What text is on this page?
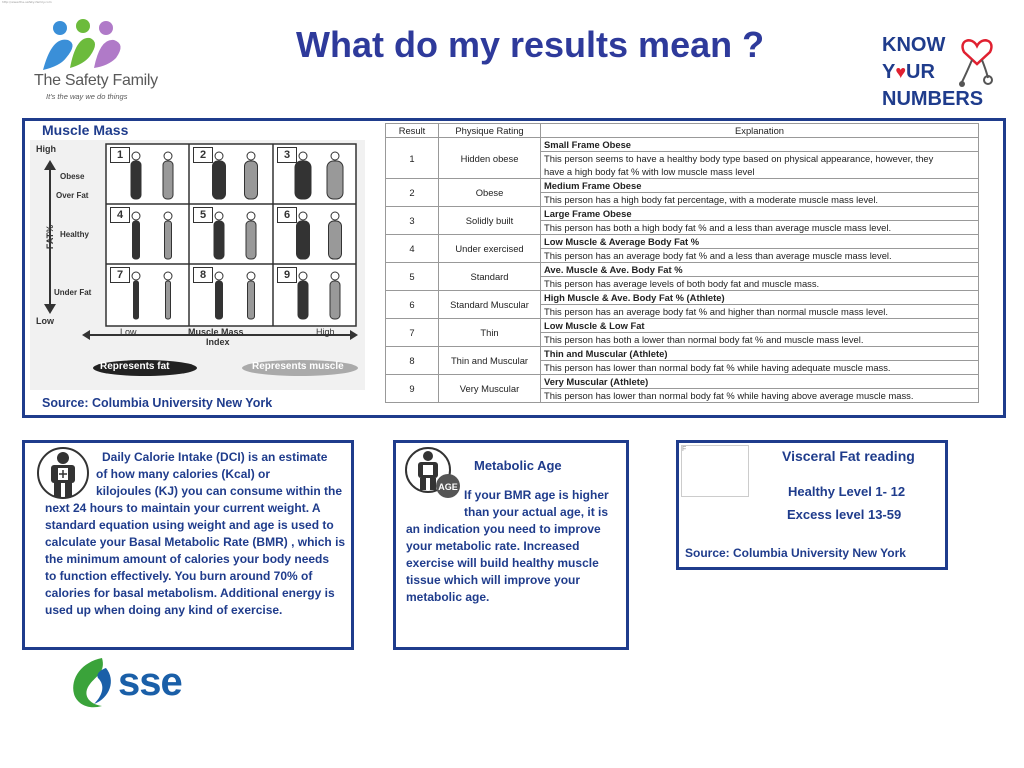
http://www.the-safety-family.com
The Safety Family
It's the way we do things
What do my results mean ?	KNOW
Y♥UR
NUMBERS
Muscle Mass
High
Low
FAT%
Obese
Over Fat
Healthy
Under Fat
Low	High
Muscle Mass
Index
Represents fat	Represents muscle
1	2	3
4	5	6
7	8	9
Source: Columbia University New York
Result	Physique Rating	Explanation
1	Hidden obese	Small Frame Obese
		This person seems to have a healthy body type based on physical appearance, however, they
		have a high body fat % with low muscle mass level
2	Obese	Medium Frame Obese
		This person has a high body fat percentage, with a moderate muscle mass level.
3	Solidly built	Large Frame Obese
		This person has both a high body fat % and a less than average muscle mass level.
4	Under exercised	Low Muscle & Average Body Fat %
		This person has an average body fat % and a less than average muscle mass level.
5	Standard	Ave. Muscle & Ave. Body Fat %
		This person has average levels of both body fat and muscle mass.
6	Standard Muscular	High Muscle & Ave. Body Fat % (Athlete)
		This person has an average body fat % and higher than normal muscle mass level.
7	Thin	Low Muscle & Low Fat
		This person has both a lower than normal body fat % and muscle mass level.
8	Thin and Muscular	Thin and Muscular (Athlete)
		This person has lower than normal body fat % while having adequate muscle mass.
9	Very Muscular	Very Muscular (Athlete)
		This person has lower than normal body fat % while having above average muscle mass.
Daily Calorie Intake (DCI) is an estimate
of how many calories (Kcal) or
kilojoules (KJ) you can consume within the
next 24 hours to maintain your current weight. A
standard equation using weight and age is used to
calculate your Basal Metabolic Rate (BMR) , which is
the minimum amount of calories your body needs
to function effectively. You burn around 70% of
calories for basal metabolism. Additional energy is
used up when doing any kind of exercise.
AGE
Metabolic Age
If your BMR age is higher
than your actual age, it is
an indication you need to improve
your metabolic rate. Increased
exercise will build healthy muscle
tissue which will improve your
metabolic age.
F	Visceral Fat reading
Healthy Level 1- 12
Excess level 13-59
Source: Columbia University New York
sse
